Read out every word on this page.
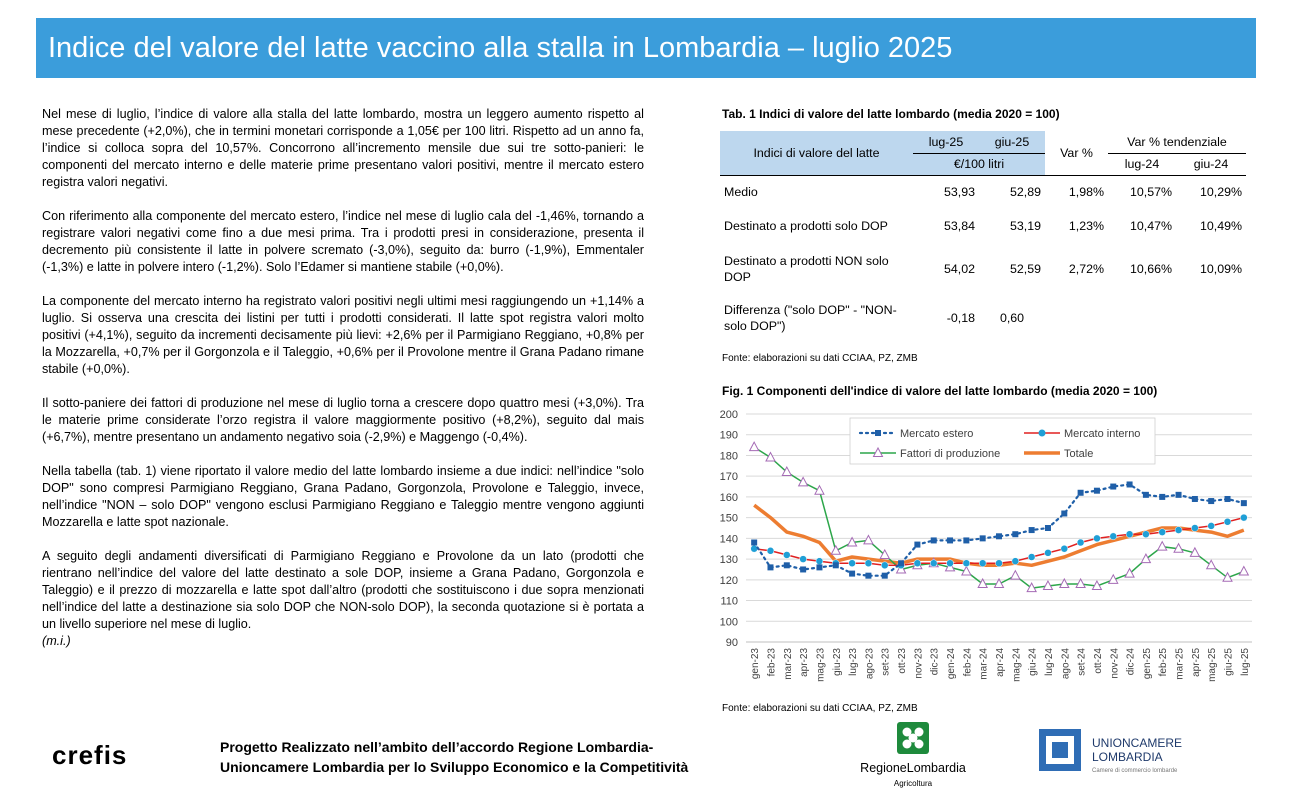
Indice del valore del latte vaccino alla stalla in Lombardia – luglio 2025

Nel mese di luglio, l’indice di valore alla stalla del latte lombardo, mostra un leggero aumento rispetto al mese precedente (+2,0%), che in termini monetari corrisponde a 1,05€ per 100 litri. Rispetto ad un anno fa, l’indice si colloca sopra del 10,57%. Concorrono all’incremento mensile due sui tre sotto-panieri: le componenti del mercato interno e delle materie prime presentano valori positivi, mentre il mercato estero registra valori negativi.

Con riferimento alla componente del mercato estero, l’indice nel mese di luglio cala del -1,46%, tornando a registrare valori negativi come fino a due mesi prima. Tra i prodotti presi in considerazione, presenta il decremento più consistente il latte in polvere scremato (-3,0%), seguito da: burro (-1,9%), Emmentaler (-1,3%) e latte in polvere intero (-1,2%). Solo l’Edamer si mantiene stabile (+0,0%).

La componente del mercato interno ha registrato valori positivi negli ultimi mesi raggiungendo un +1,14% a luglio. Si osserva una crescita dei listini per tutti i prodotti considerati. Il latte spot registra valori molto positivi (+4,1%), seguito da incrementi decisamente più lievi: +2,6% per il Parmigiano Reggiano, +0,8% per la Mozzarella, +0,7% per il Gorgonzola e il Taleggio, +0,6% per il Provolone mentre il Grana Padano rimane stabile (+0,0%).

Il sotto-paniere dei fattori di produzione nel mese di luglio torna a crescere dopo quattro mesi (+3,0%). Tra le materie prime considerate l’orzo registra il valore maggiormente positivo (+8,2%), seguito dal mais (+6,7%), mentre presentano un andamento negativo soia (-2,9%) e Maggengo (-0,4%).

Nella tabella (tab. 1) viene riportato il valore medio del latte lombardo insieme a due indici: nell’indice "solo DOP" sono compresi Parmigiano Reggiano, Grana Padano, Gorgonzola, Provolone e Taleggio, invece, nell’indice "NON – solo DOP" vengono esclusi Parmigiano Reggiano e Taleggio mentre vengono aggiunti Mozzarella e latte spot nazionale.

A seguito degli andamenti diversificati di Parmigiano Reggiano e Provolone da un lato (prodotti che rientrano nell’indice del valore del latte destinato a sole DOP, insieme a Grana Padano, Gorgonzola e Taleggio) e il prezzo di mozzarella e latte spot dall’altro (prodotti che sostituiscono i due sopra menzionati nell’indice del latte a destinazione sia solo DOP che NON-solo DOP), la seconda quotazione si è portata a un livello superiore nel mese di luglio.
(m.i.)

Tab. 1 Indici di valore del latte lombardo (media 2020 = 100)
Indici di valore del latte	lug-25	giu-25	Var %	Var % tendenziale	
	€/100 litri			lug-24	giu-24
Medio	53,93	52,89	1,98%	10,57%	10,29%
Destinato a prodotti solo DOP	53,84	53,19	1,23%	10,47%	10,49%
Destinato a prodotti NON solo DOP	54,02	52,59	2,72%	10,66%	10,09%
Differenza ("solo DOP" - "NON-solo DOP")	-0,18	0,60			
Fonte: elaborazioni su dati CCIAA, PZ, ZMB
Fig. 1 Componenti dell'indice di valore del latte lombardo (media 2020 = 100)
90
100
110
120
130
140
150
160
170
180
190
200
gen-23 feb-23 mar-23 apr-23 mag-23 giu-23 lug-23 ago-23 set-23 ott-23 nov-23 dic-23 gen-24 feb-24 mar-24 apr-24 mag-24 giu-24 lug-24 ago-24 set-24 ott-24 nov-24 dic-24 gen-25 feb-25 mar-25 apr-25 mag-25 giu-25 lug-25
Mercato estero	Mercato interno
Fattori di produzione	Totale
Fonte: elaborazioni su dati CCIAA, PZ, ZMB
crefis	Progetto Realizzato nell’ambito dell’accordo Regione Lombardia-
Unioncamere Lombardia per lo Sviluppo Economico e la Competitività	RegioneLombardia
Agricoltura
UNIONCAMERE LOMBARDIA
Camere di commercio lombarde
